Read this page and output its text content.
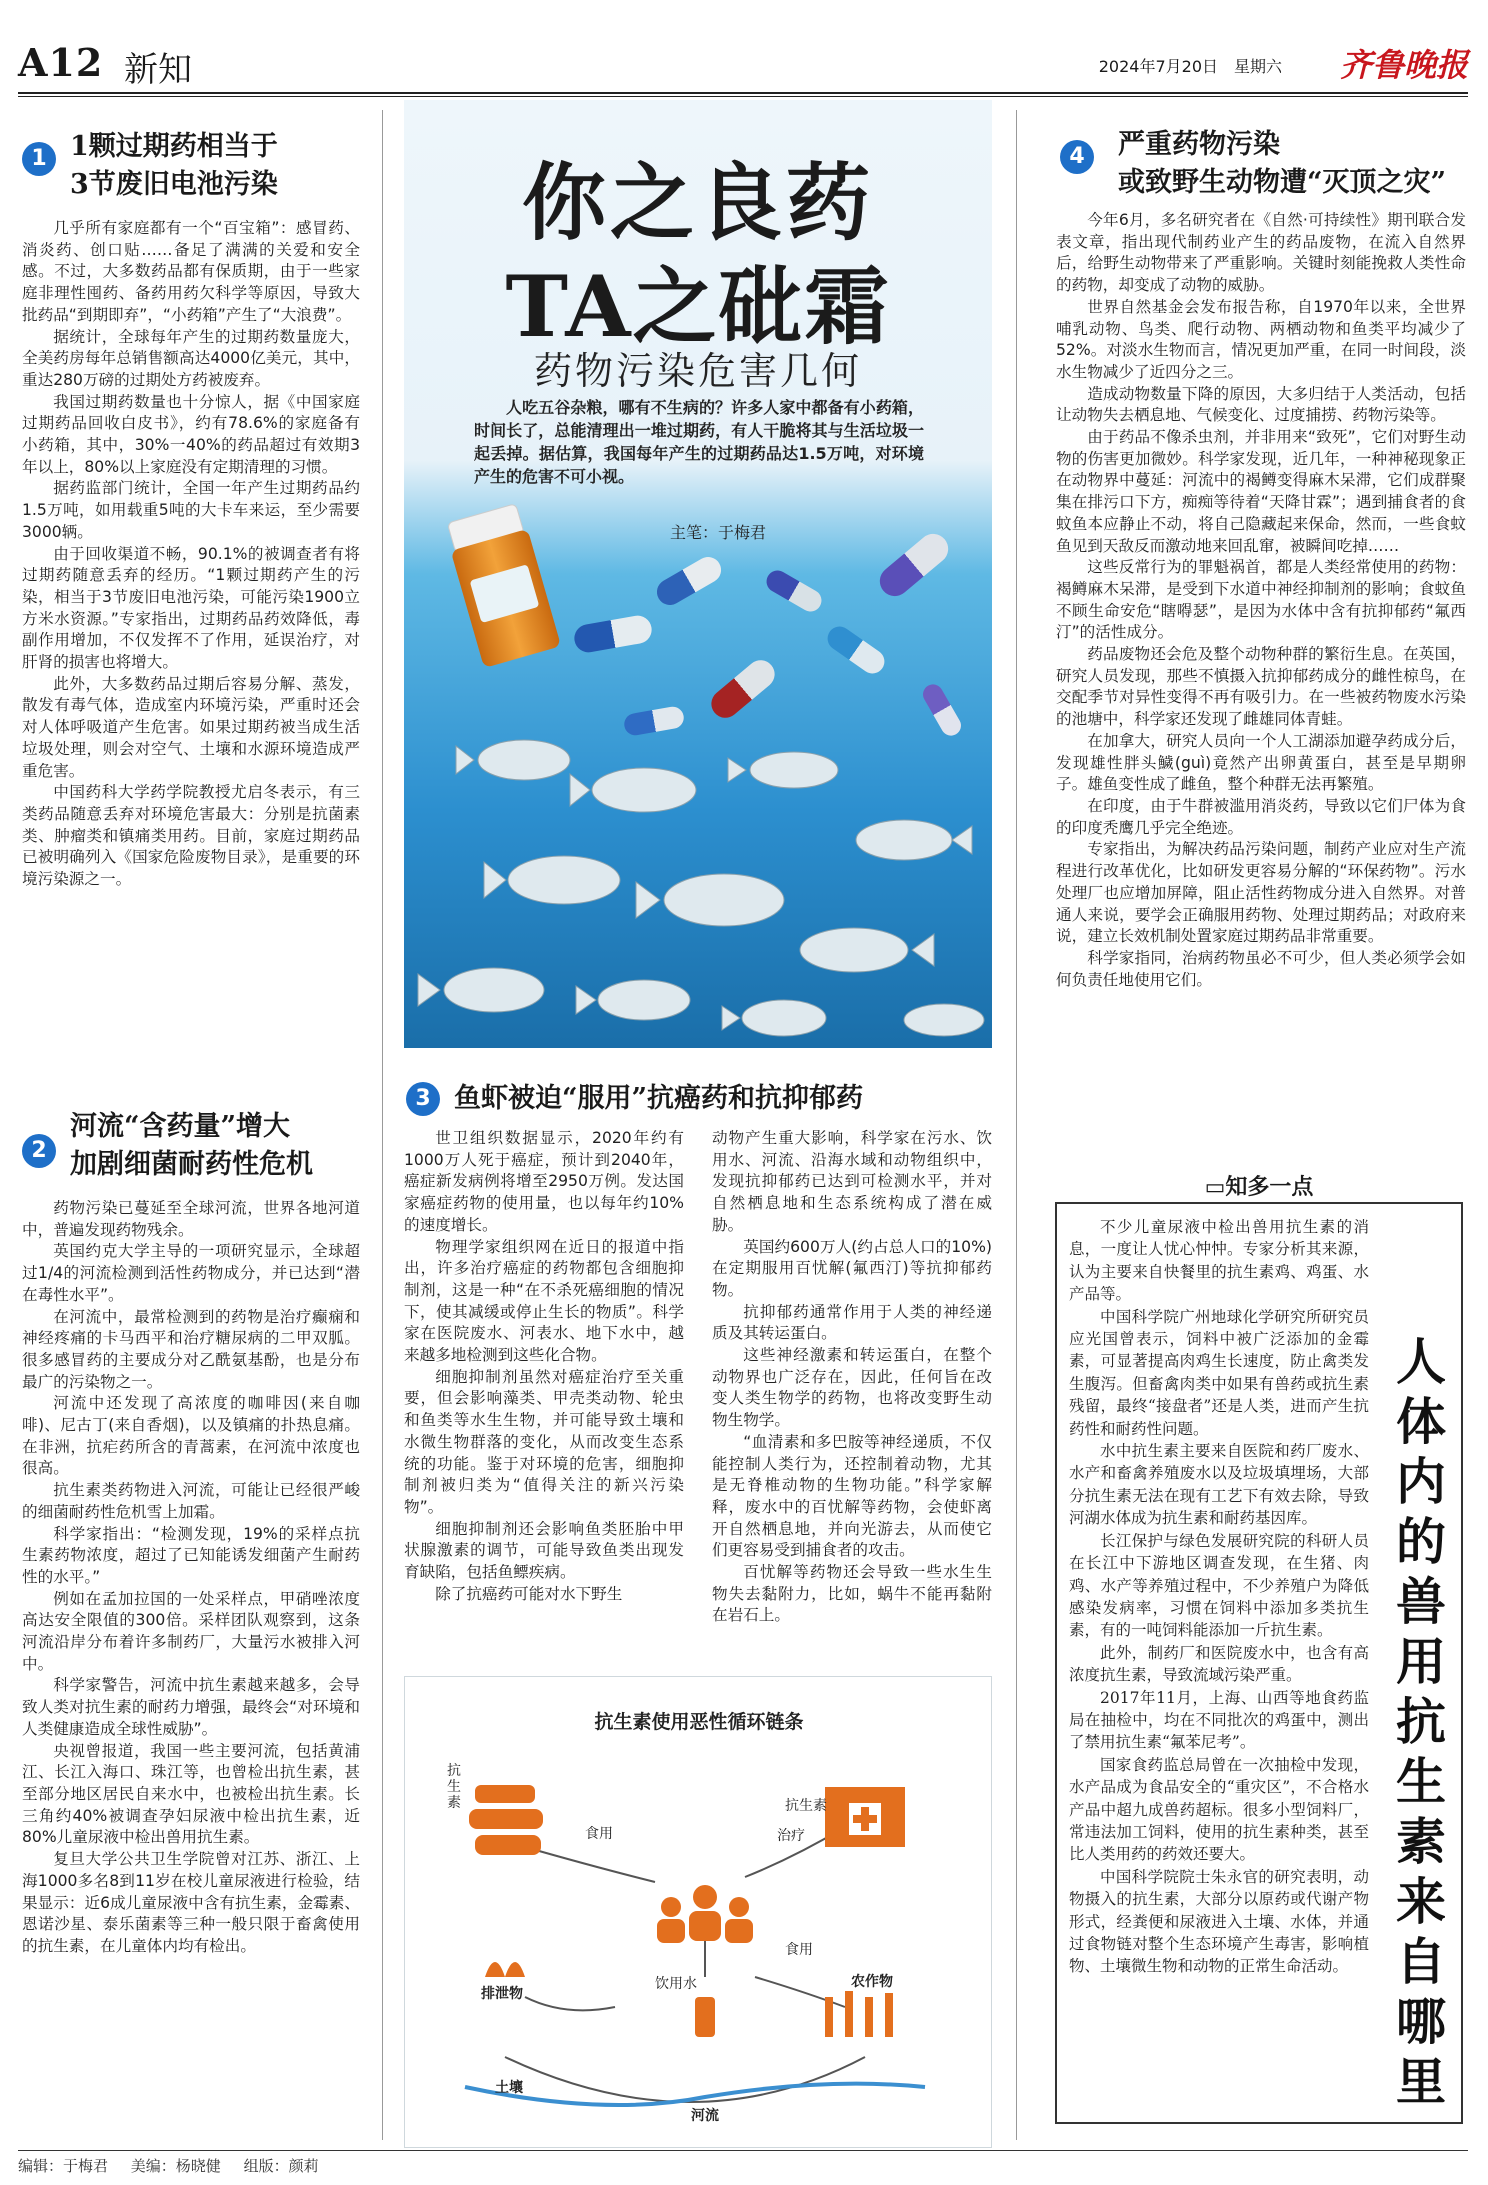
A12 新知	2024年7月20日 星期六 齐鲁晚报
1 1颗过期药相当于
3节废旧电池污染

几乎所有家庭都有一个“百宝箱”：感冒药、消炎药、创口贴……备足了满满的关爱和安全感。不过，大多数药品都有保质期，由于一些家庭非理性囤药、备药用药欠科学等原因，导致大批药品“到期即弃”，“小药箱”产生了“大浪费”。

据统计，全球每年产生的过期药数量庞大，全美药房每年总销售额高达4000亿美元，其中，重达280万磅的过期处方药被废弃。

我国过期药数量也十分惊人，据《中国家庭过期药品回收白皮书》，约有78.6%的家庭备有小药箱，其中，30%一40%的药品超过有效期3年以上，80%以上家庭没有定期清理的习惯。

据药监部门统计，全国一年产生过期药品约1.5万吨，如用载重5吨的大卡车来运，至少需要3000辆。

由于回收渠道不畅，90.1%的被调查者有将过期药随意丢弃的经历。“1颗过期药产生的污染，相当于3节废旧电池污染，可能污染1900立方米水资源。”专家指出，过期药品药效降低，毒副作用增加，不仅发挥不了作用，延误治疗，对肝肾的损害也将增大。

此外，大多数药品过期后容易分解、蒸发，散发有毒气体，造成室内环境污染，严重时还会对人体呼吸道产生危害。如果过期药被当成生活垃圾处理，则会对空气、土壤和水源环境造成严重危害。

中国药科大学药学院教授尤启冬表示，有三类药品随意丢弃对环境危害最大：分别是抗菌素类、肿瘤类和镇痛类用药。目前，家庭过期药品已被明确列入《国家危险废物目录》，是重要的环境污染源之一。

2
河流“含药量”增大
加剧细菌耐药性危机

药物污染已蔓延至全球河流，世界各地河道中，普遍发现药物残余。

英国约克大学主导的一项研究显示，全球超过1/4的河流检测到活性药物成分，并已达到“潜在毒性水平”。

在河流中，最常检测到的药物是治疗癫痫和神经疼痛的卡马西平和治疗糖尿病的二甲双胍。很多感冒药的主要成分对乙酰氨基酚，也是分布最广的污染物之一。

河流中还发现了高浓度的咖啡因(来自咖啡)、尼古丁(来自香烟)，以及镇痛的扑热息痛。在非洲，抗疟药所含的青蒿素，在河流中浓度也很高。

抗生素类药物进入河流，可能让已经很严峻的细菌耐药性危机雪上加霜。

科学家指出：“检测发现，19%的采样点抗生素药物浓度，超过了已知能诱发细菌产生耐药性的水平。”

例如在孟加拉国的一处采样点，甲硝唑浓度高达安全限值的300倍。采样团队观察到，这条河流沿岸分布着许多制药厂，大量污水被排入河中。

科学家警告，河流中抗生素越来越多，会导致人类对抗生素的耐药力增强，最终会“对环境和人类健康造成全球性威胁”。

央视曾报道，我国一些主要河流，包括黄浦江、长江入海口、珠江等，也曾检出抗生素，甚至部分地区居民自来水中，也被检出抗生素。长三角约40%被调查孕妇尿液中检出抗生素，近80%儿童尿液中检出兽用抗生素。

复旦大学公共卫生学院曾对江苏、浙江、上海1000多名8到11岁在校儿童尿液进行检验，结果显示：近6成儿童尿液中含有抗生素，金霉素、恩诺沙星、泰乐菌素等三种一般只限于畜禽使用的抗生素，在儿童体内均有检出。

你之良药
TA之砒霜
药物污染危害几何
人吃五谷杂粮，哪有不生病的？许多人家中都备有小药箱，时间长了，总能清理出一堆过期药，有人干脆将其与生活垃圾一起丢掉。据估算，我国每年产生的过期药品达1.5万吨，对环境产生的危害不可小视。
主笔：于梅君
3 鱼虾被迫“服用”抗癌药和抗抑郁药

世卫组织数据显示，2020年约有1000万人死于癌症，预计到2040年，癌症新发病例将增至2950万例。发达国家癌症药物的使用量，也以每年约10%的速度增长。

物理学家组织网在近日的报道中指出，许多治疗癌症的药物都包含细胞抑制剂，这是一种“在不杀死癌细胞的情况下，使其减缓或停止生长的物质”。科学家在医院废水、河表水、地下水中，越来越多地检测到这些化合物。

细胞抑制剂虽然对癌症治疗至关重要，但会影响藻类、甲壳类动物、轮虫和鱼类等水生生物，并可能导致土壤和水微生物群落的变化，从而改变生态系统的功能。鉴于对环境的危害，细胞抑制剂被归类为“值得关注的新兴污染物”。

细胞抑制剂还会影响鱼类胚胎中甲状腺激素的调节，可能导致鱼类出现发育缺陷，包括鱼鳔疾病。

除了抗癌药可能对水下野生

动物产生重大影响，科学家在污水、饮用水、河流、沿海水域和动物组织中，发现抗抑郁药已达到可检测水平，并对自然栖息地和生态系统构成了潜在威胁。

英国约600万人(约占总人口的10%)在定期服用百忧解(氟西汀)等抗抑郁药物。

抗抑郁药通常作用于人类的神经递质及其转运蛋白。

这些神经激素和转运蛋白，在整个动物界也广泛存在，因此，任何旨在改变人类生物学的药物，也将改变野生动物生物学。

“血清素和多巴胺等神经递质，不仅能控制人类行为，还控制着动物，尤其是无脊椎动物的生物功能。”科学家解释，废水中的百忧解等药物，会使虾离开自然栖息地，并向光游去，从而使它们更容易受到捕食者的攻击。

百忧解等药物还会导致一些水生生物失去黏附力，比如，蜗牛不能再黏附在岩石上。

抗生素使用恶性循环链条
抗生素
食用	治疗
抗生素
食用
饮用水
排泄物
农作物
土壤
河流
4	严重药物污染
或致野生动物遭“灭顶之灾”

今年6月，多名研究者在《自然·可持续性》期刊联合发表文章，指出现代制药业产生的药品废物，在流入自然界后，给野生动物带来了严重影响。关键时刻能挽救人类性命的药物，却变成了动物的威胁。

世界自然基金会发布报告称，自1970年以来，全世界哺乳动物、鸟类、爬行动物、两栖动物和鱼类平均减少了52%。对淡水生物而言，情况更加严重，在同一时间段，淡水生物减少了近四分之三。

造成动物数量下降的原因，大多归结于人类活动，包括让动物失去栖息地、气候变化、过度捕捞、药物污染等。

由于药品不像杀虫剂，并非用来“致死”，它们对野生动物的伤害更加微妙。科学家发现，近几年，一种神秘现象正在动物界中蔓延：河流中的褐鳟变得麻木呆滞，它们成群聚集在排污口下方，痴痴等待着“天降甘霖”；遇到捕食者的食蚊鱼本应静止不动，将自己隐藏起来保命，然而，一些食蚊鱼见到天敌反而激动地来回乱窜，被瞬间吃掉……

这些反常行为的罪魁祸首，都是人类经常使用的药物：褐鳟麻木呆滞，是受到下水道中神经抑制剂的影响；食蚊鱼不顾生命安危“瞎嘚瑟”，是因为水体中含有抗抑郁药“氟西汀”的活性成分。

药品废物还会危及整个动物种群的繁衍生息。在英国，研究人员发现，那些不慎摄入抗抑郁药成分的雌性椋鸟，在交配季节对异性变得不再有吸引力。在一些被药物废水污染的池塘中，科学家还发现了雌雄同体青蛙。

在加拿大，研究人员向一个人工湖添加避孕药成分后，发现雄性胖头鱥(guì)竟然产出卵黄蛋白，甚至是早期卵子。雄鱼变性成了雌鱼，整个种群无法再繁殖。

在印度，由于牛群被滥用消炎药，导致以它们尸体为食的印度秃鹰几乎完全绝迹。

专家指出，为解决药品污染问题，制药产业应对生产流程进行改革优化，比如研发更容易分解的“环保药物”。污水处理厂也应增加屏障，阻止活性药物成分进入自然界。对普通人来说，要学会正确服用药物、处理过期药品；对政府来说，建立长效机制处置家庭过期药品非常重要。

科学家指同，治病药物虽必不可少，但人类必须学会如何负责任地使用它们。

▭知多一点

不少儿童尿液中检出兽用抗生素的消息，一度让人忧心忡忡。专家分析其来源，认为主要来自快餐里的抗生素鸡、鸡蛋、水产品等。

中国科学院广州地球化学研究所研究员应光国曾表示，饲料中被广泛添加的金霉素，可显著提高肉鸡生长速度，防止禽类发生腹泻。但畜禽肉类中如果有兽药或抗生素残留，最终“接盘者”还是人类，进而产生抗药性和耐药性问题。

水中抗生素主要来自医院和药厂废水、水产和畜禽养殖废水以及垃圾填埋场，大部分抗生素无法在现有工艺下有效去除，导致河湖水体成为抗生素和耐药基因库。

长江保护与绿色发展研究院的科研人员在长江中下游地区调查发现，在生猪、肉鸡、水产等养殖过程中，不少养殖户为降低感染发病率，习惯在饲料中添加多类抗生素，有的一吨饲料能添加一斤抗生素。

此外，制药厂和医院废水中，也含有高浓度抗生素，导致流域污染严重。

2017年11月，上海、山西等地食药监局在抽检中，均在不同批次的鸡蛋中，测出了禁用抗生素“氟苯尼考”。

国家食药监总局曾在一次抽检中发现，水产品成为食品安全的“重灾区”，不合格水产品中超九成兽药超标。很多小型饲料厂，常违法加工饲料，使用的抗生素种类，甚至比人类用药的药效还要大。

中国科学院院士朱永官的研究表明，动物摄入的抗生素，大部分以原药或代谢产物形式，经粪便和尿液进入土壤、水体，并通过食物链对整个生态环境产生毒害，影响植物、土壤微生物和动物的正常生命活动。

人体内的兽用抗生素来自哪里
编辑：于梅君 美编：杨晓健 组版：颜莉
